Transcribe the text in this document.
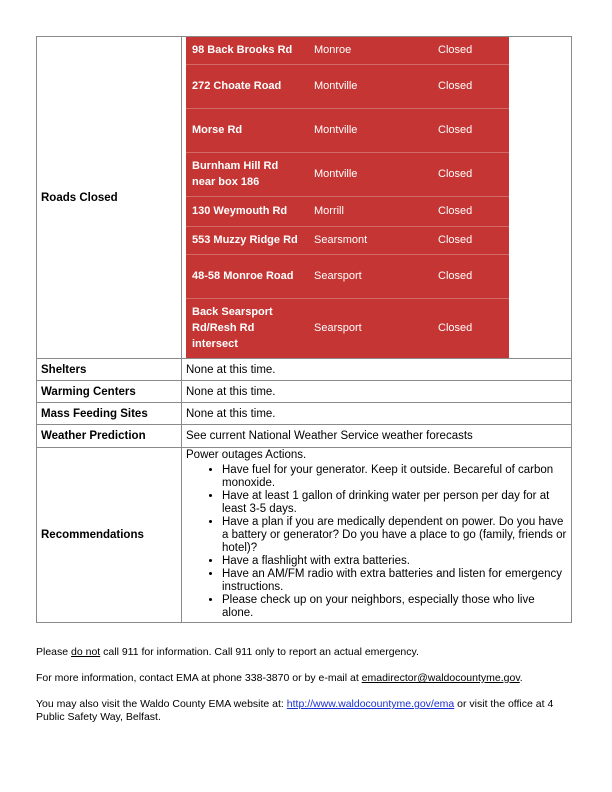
Roads Closed	
98 Back Brooks Rd	Monroe	Closed
272 Choate Road	Montville	Closed
Morse Rd	Montville	Closed
Burnham Hill Rd near box 186	Montville	Closed
130 Weymouth Rd	Morrill	Closed
553 Muzzy Ridge Rd	Searsmont	Closed
48-58 Monroe Road	Searsport	Closed
Back Searsport Rd/Resh Rd intersect	Searsport	Closed

Shelters	None at this time.
Warming Centers	None at this time.
Mass Feeding Sites	None at this time.
Weather Prediction	See current National Weather Service weather forecasts
Recommendations	
Power outages Actions.
• Have fuel for your generator. Keep it outside. Becareful of carbon monoxide.
• Have at least 1 gallon of drinking water per person per day for at least 3-5 days.
• Have a plan if you are medically dependent on power. Do you have a battery or generator? Do you have a place to go (family, friends or hotel)?
• Have a flashlight with extra batteries.
• Have an AM/FM radio with extra batteries and listen for emergency instructions.
• Please check up on your neighbors, especially those who live alone.

Please do not call 911 for information. Call 911 only to report an actual emergency.

For more information, contact EMA at phone 338-3870 or by e-mail at emadirector@waldocountyme.gov.

You may also visit the Waldo County EMA website at: http://www.waldocountyme.gov/ema or visit the office at 4 Public Safety Way, Belfast.
